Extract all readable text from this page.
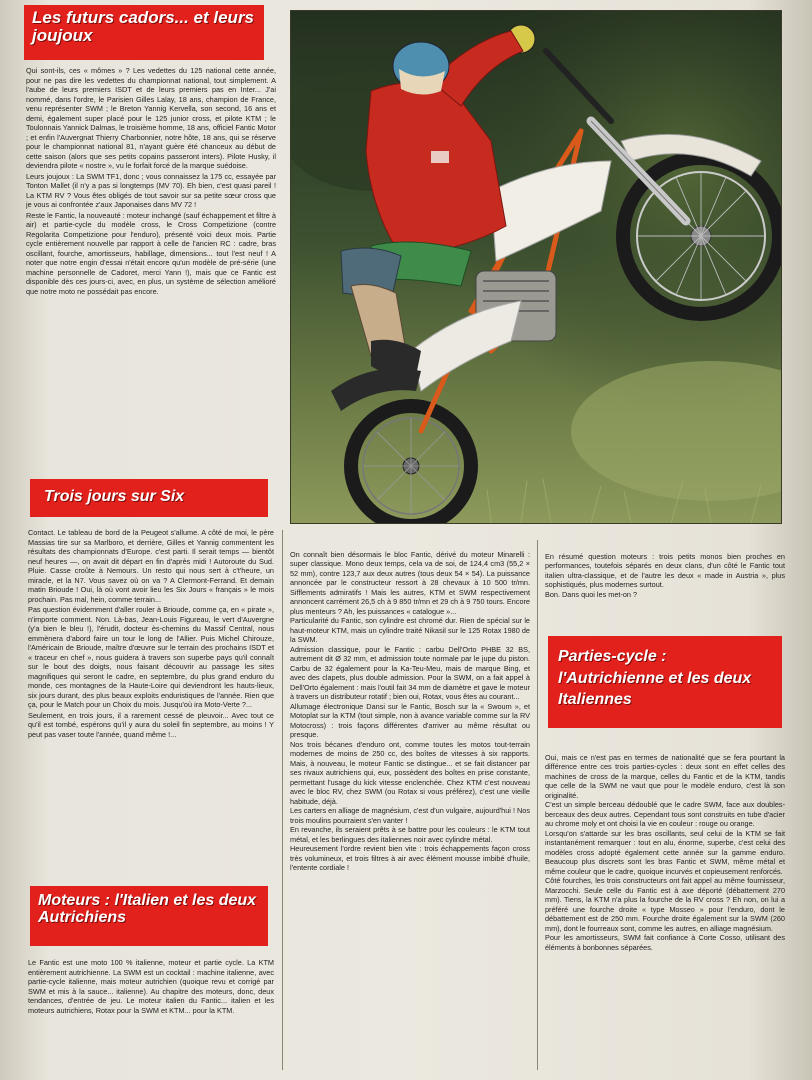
Les futurs cadors... et leurs joujoux

Qui sont-ils, ces « mômes » ? Les vedettes du 125 national cette année, pour ne pas dire les vedettes du championnat national, tout simplement. A l'aube de leurs premiers ISDT et de leurs premiers pas en Inter... J'ai nommé, dans l'ordre, le Parisien Gilles Lalay, 18 ans, champion de France, venu représenter SWM ; le Breton Yannig Kervella, son second, 16 ans et demi, également super placé pour le 125 junior cross, et pilote KTM ; le Toulonnais Yannick Dalmas, le troisième homme, 18 ans, officiel Fantic Motor ; et enfin l'Auvergnat Thierry Charbonnier, notre hôte, 18 ans, qui se réserve pour le championnat national 81, n'ayant guère été chanceux au début de cette saison (alors que ses petits copains passeront inters). Pilote Husky, il deviendra pilote « nostre », vu le forfait forcé de la marque suédoise.

Leurs joujoux : La SWM TF1, donc ; vous connaissez la 175 cc, essayée par Tonton Mallet (il n'y a pas si longtemps (MV 70). Eh bien, c'est quasi pareil ! La KTM RV ? Vous êtes obligés de tout savoir sur sa petite sœur cross que je vous ai confrontée z'aux Japonaises dans MV 72 !

Reste le Fantic, la nouveauté : moteur inchangé (sauf échappement et filtre à air) et partie-cycle du modèle cross, le Cross Competizione (contre Regolarita Competizione pour l'enduro), présenté voici deux mois. Partie cycle entièrement nouvelle par rapport à celle de l'ancien RC : cadre, bras oscillant, fourche, amortisseurs, habillage, dimensions... tout l'est neuf ! A noter que notre engin d'essai n'était encore qu'un modèle de pré-série (une machine personnelle de Cadoret, merci Yann !), mais que ce Fantic est disponible dès ces jours-ci, avec, en plus, un système de sélection amélioré que notre moto ne possédait pas encore.

Trois jours sur Six

Contact. Le tableau de bord de la Peugeot s'allume. A côté de moi, le père Massias tire sur sa Marlboro, et derrière, Gilles et Yannig commentent les résultats des championnats d'Europe. c'est parti. Il serait temps — bientôt neuf heures —, on avait dit départ en fin d'après midi ! Autoroute du Sud. Pluie. Casse croûte à Nemours. Un resto qui nous sert à c't'heure, un miracle, et la N7. Vous savez où on va ? A Clermont-Ferrand. Et demain matin Brioude ! Oui, là où vont avoir lieu les Six Jours « français » le mois prochain. Pas mal, hein, comme terrain...

Pas question évidemment d'aller rouler à Brioude, comme ça, en « pirate », n'importe comment. Non. Là-bas, Jean-Louis Figureau, le vert d'Auvergne (y'a bien le bleu !), l'érudit, docteur ès-chemins du Massif Central, nous emmènera d'abord faire un tour le long de l'Allier. Puis Michel Chirouze, l'Américain de Brioude, maître d'œuvre sur le terrain des prochains ISDT et « traceur en chef », nous guidera à travers son superbe pays qu'il connaît sur le bout des doigts, nous faisant découvrir au passage les sites magnifiques qui seront le cadre, en septembre, du plus grand enduro du monde, ces montagnes de la Haute-Loire qui deviendront les hauts-lieux, six jours durant, des plus beaux exploits enduristiques de l'année. Rien que ça, pour le Match pour un Choix du mois. Jusqu'où ira Moto-Verte ?...

Seulement, en trois jours, il a rarement cessé de pleuvoir... Avec tout ce qu'il est tombé, espérons qu'il y aura du soleil fin septembre, au moins ! Y peut pas vaser toute l'année, quand même !...

Moteurs : l'Italien et les deux Autrichiens

Le Fantic est une moto 100 % italienne, moteur et partie cycle. La KTM entièrement autrichienne. La SWM est un cocktail : machine italienne, avec partie-cycle italienne, mais moteur autrichien (quoique revu et corrigé par SWM et mis à la sauce... italienne). Au chapitre des moteurs, donc, deux tendances, d'entrée de jeu. Le moteur italien du Fantic... italien et les moteurs autrichiens, Rotax pour la SWM et KTM... pour la KTM.

On connaît bien désormais le bloc Fantic, dérivé du moteur Minarelli : super classique. Mono deux temps, cela va de soi, de 124,4 cm3 (55,2 × 52 mm), contre 123,7 aux deux autres (tous deux 54 × 54). La puissance annoncée par le constructeur ressort à 28 chevaux à 10 500 tr/mn. Sifflements admiratifs ! Mais les autres, KTM et SWM respectivement annoncent carrément 26,5 ch à 9 850 tr/mn et 29 ch à 9 750 tours. Encore plus menteurs ? Ah, les puissances « catalogue »...
Particularité du Fantic, son cylindre est chromé dur. Rien de spécial sur le haut-moteur KTM, mais un cylindre traité Nikasil sur le 125 Rotax 1980 de la SWM.
Admission classique, pour le Fantic : carbu Dell'Orto PHBE 32 BS, autrement dit Ø 32 mm, et admission toute normale par le jupe du piston. Carbu de 32 également pour la Ka-Teu-Meu, mais de marque Bing, et avec des clapets, plus double admission. Pour la SWM, on a fait appel à Dell'Orto également : mais l'outil fait 34 mm de diamètre et gave le moteur à travers un distributeur rotatif ; bien oui, Rotax, vous êtes au courant...
Allumage électronique Dansi sur le Fantic, Bosch sur la « Swoum », et Motoplat sur la KTM (tout simple, non à avance variable comme sur la RV Motocross) : trois façons différentes d'arriver au même résultat ou presque.
Nos trois bécanes d'enduro ont, comme toutes les motos tout-terrain modernes de moins de 250 cc, des boîtes de vitesses à six rapports. Mais, à nouveau, le moteur Fantic se distingue... et se fait distancer par ses rivaux autrichiens qui, eux, possèdent des boîtes en prise constante, permettant l'usage du kick vitesse enclenchée. Chez KTM c'est nouveau avec le bloc RV, chez SWM (ou Rotax si vous préférez), c'est une vieille habitude, déjà.
Les carters en alliage de magnésium, c'est d'un vulgaire, aujourd'hui ! Nos trois moulins pourraient s'en vanter !
En revanche, ils seraient prêts à se battre pour les couleurs : le KTM tout métal, et les berlingues des italiennes noir avec cylindre métal.
Heureusement l'ordre revient bien vite : trois échappements façon cross très volumineux, et trois filtres à air avec élément mousse imbibé d'huile, l'entente cordiale !

En résumé question moteurs : trois petits monos bien proches en performances, toutefois séparés en deux clans, d'un côté le Fantic tout italien ultra-classique, et de l'autre les deux « made in Austria », plus sophistiqués, plus modernes surtout.
Bon. Dans quoi les met-on ?

Parties-cycle : l'Autrichienne et les deux Italiennes

Oui, mais ce n'est pas en termes de nationalité que se fera pourtant la différence entre ces trois parties-cycles : deux sont en effet celles des machines de cross de la marque, celles du Fantic et de la KTM, tandis que celle de la SWM ne vaut que pour le modèle enduro, c'est là son originalité.
C'est un simple berceau dédoublé que le cadre SWM, face aux doubles-berceaux des deux autres. Cependant tous sont construits en tube d'acier au chrome moly et ont choisi la vie en couleur : rouge ou orange.
Lorsqu'on s'attarde sur les bras oscillants, seul celui de la KTM se fait instantanément remarquer : tout en alu, énorme, superbe, c'est celui des modèles cross adopté également cette année sur la gamme enduro. Beaucoup plus discrets sont les bras Fantic et SWM, même métal et même couleur que le cadre, quoique incurvés et copieusement renforcés.
Côté fourches, les trois constructeurs ont fait appel au même fournisseur, Marzocchi. Seule celle du Fantic est à axe déporté (débattement 270 mm). Tiens, la KTM n'a plus la fourche de la RV cross ? Eh non, on lui a préféré une fourche droite « type Mosseo » pour l'enduro, dont le débattement est de 250 mm. Fourche droite également sur la SWM (260 mm), dont le fourreaux sont, comme les autres, en alliage magnésium.
Pour les amortisseurs, SWM fait confiance à Corte Cosso, utilisant des éléments à bonbonnes séparées.
